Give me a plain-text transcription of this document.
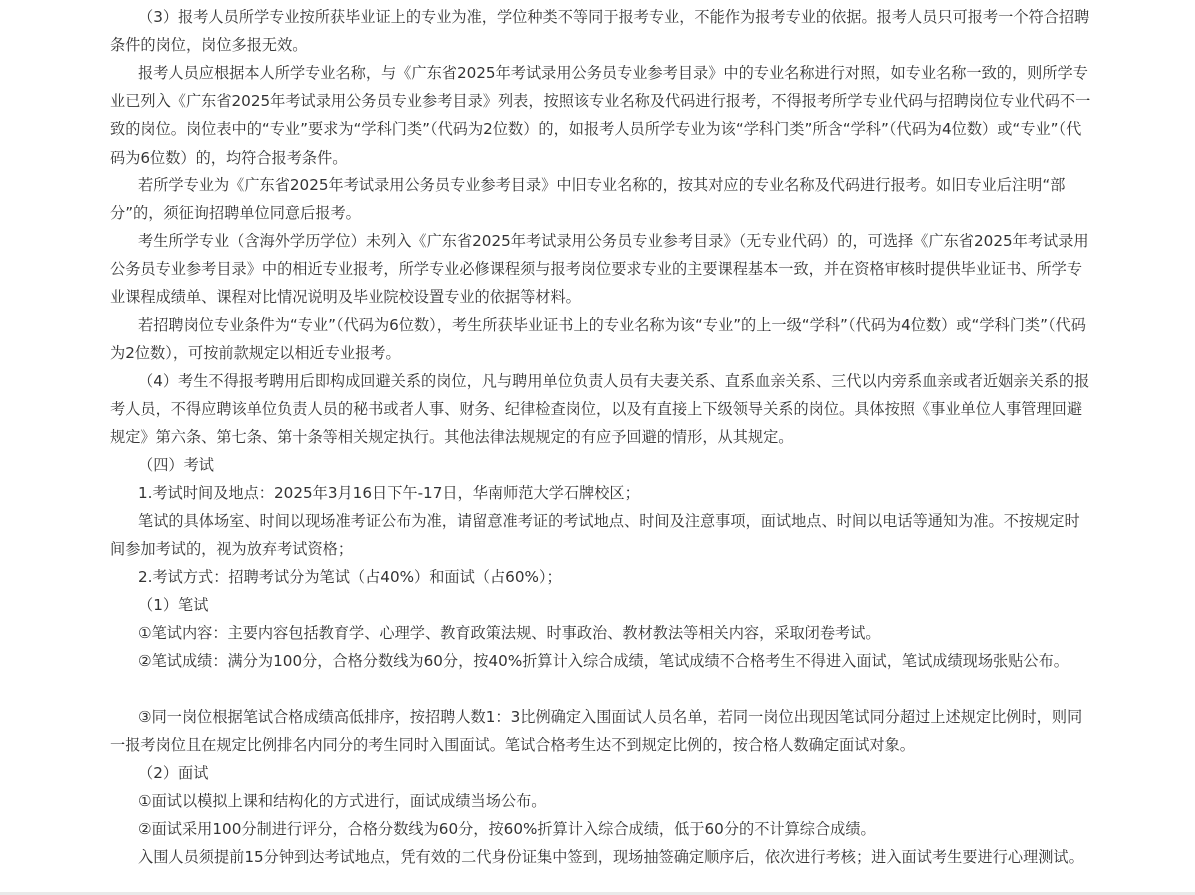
（3）报考人员所学专业按所获毕业证上的专业为准，学位种类不等同于报考专业，不能作为报考专业的依据。报考人员只可报考一个符合招聘条件的岗位，岗位多报无效。

报考人员应根据本人所学专业名称，与《广东省2025年考试录用公务员专业参考目录》中的专业名称进行对照，如专业名称一致的，则所学专业已列入《广东省2025年考试录用公务员专业参考目录》列表，按照该专业名称及代码进行报考，不得报考所学专业代码与招聘岗位专业代码不一致的岗位。岗位表中的“专业”要求为“学科门类”（代码为2位数）的，如报考人员所学专业为该“学科门类”所含“学科”（代码为4位数）或“专业”（代码为6位数）的，均符合报考条件。

若所学专业为《广东省2025年考试录用公务员专业参考目录》中旧专业名称的，按其对应的专业名称及代码进行报考。如旧专业后注明“部分”的，须征询招聘单位同意后报考。

考生所学专业（含海外学历学位）未列入《广东省2025年考试录用公务员专业参考目录》（无专业代码）的，可选择《广东省2025年考试录用公务员专业参考目录》中的相近专业报考，所学专业必修课程须与报考岗位要求专业的主要课程基本一致，并在资格审核时提供毕业证书、所学专业课程成绩单、课程对比情况说明及毕业院校设置专业的依据等材料。

若招聘岗位专业条件为“专业”（代码为6位数），考生所获毕业证书上的专业名称为该“专业”的上一级“学科”（代码为4位数）或“学科门类”（代码为2位数），可按前款规定以相近专业报考。

（4）考生不得报考聘用后即构成回避关系的岗位，凡与聘用单位负责人员有夫妻关系、直系血亲关系、三代以内旁系血亲或者近姻亲关系的报考人员，不得应聘该单位负责人员的秘书或者人事、财务、纪律检查岗位，以及有直接上下级领导关系的岗位。具体按照《事业单位人事管理回避规定》第六条、第七条、第十条等相关规定执行。其他法律法规规定的有应予回避的情形，从其规定。

（四）考试

1.考试时间及地点：2025年3月16日下午-17日，华南师范大学石牌校区；

笔试的具体场室、时间以现场准考证公布为准，请留意准考证的考试地点、时间及注意事项，面试地点、时间以电话等通知为准。不按规定时间参加考试的，视为放弃考试资格；

2.考试方式：招聘考试分为笔试（占40%）和面试（占60%）；

（1）笔试

①笔试内容：主要内容包括教育学、心理学、教育政策法规、时事政治、教材教法等相关内容，采取闭卷考试。

②笔试成绩：满分为100分，合格分数线为60分，按40%折算计入综合成绩，笔试成绩不合格考生不得进入面试，笔试成绩现场张贴公布。

③同一岗位根据笔试合格成绩高低排序，按招聘人数1：3比例确定入围面试人员名单，若同一岗位出现因笔试同分超过上述规定比例时，则同一报考岗位且在规定比例排名内同分的考生同时入围面试。笔试合格考生达不到规定比例的，按合格人数确定面试对象。

（2）面试

①面试以模拟上课和结构化的方式进行，面试成绩当场公布。

②面试采用100分制进行评分，合格分数线为60分，按60%折算计入综合成绩，低于60分的不计算综合成绩。

入围人员须提前15分钟到达考试地点，凭有效的二代身份证集中签到，现场抽签确定顺序后，依次进行考核；进入面试考生要进行心理测试。
